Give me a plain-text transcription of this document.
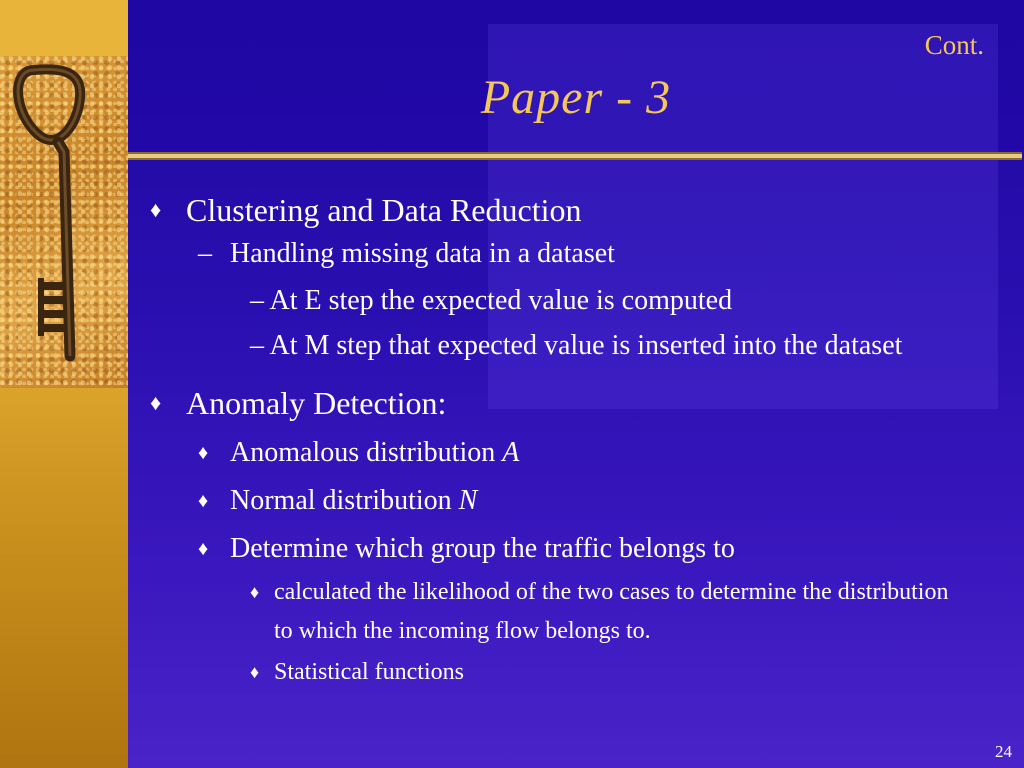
Cont.
Paper - 3
♦ Clustering and Data Reduction
– Handling missing data in a dataset
– At E step the expected value is computed
– At M step that expected value is inserted into the dataset
♦ Anomaly Detection:
♦ Anomalous distribution A
♦ Normal distribution N
♦ Determine which group the traffic belongs to
♦ calculated the likelihood of the two cases to determine the distribution to which the incoming flow belongs to.
♦ Statistical functions
24
